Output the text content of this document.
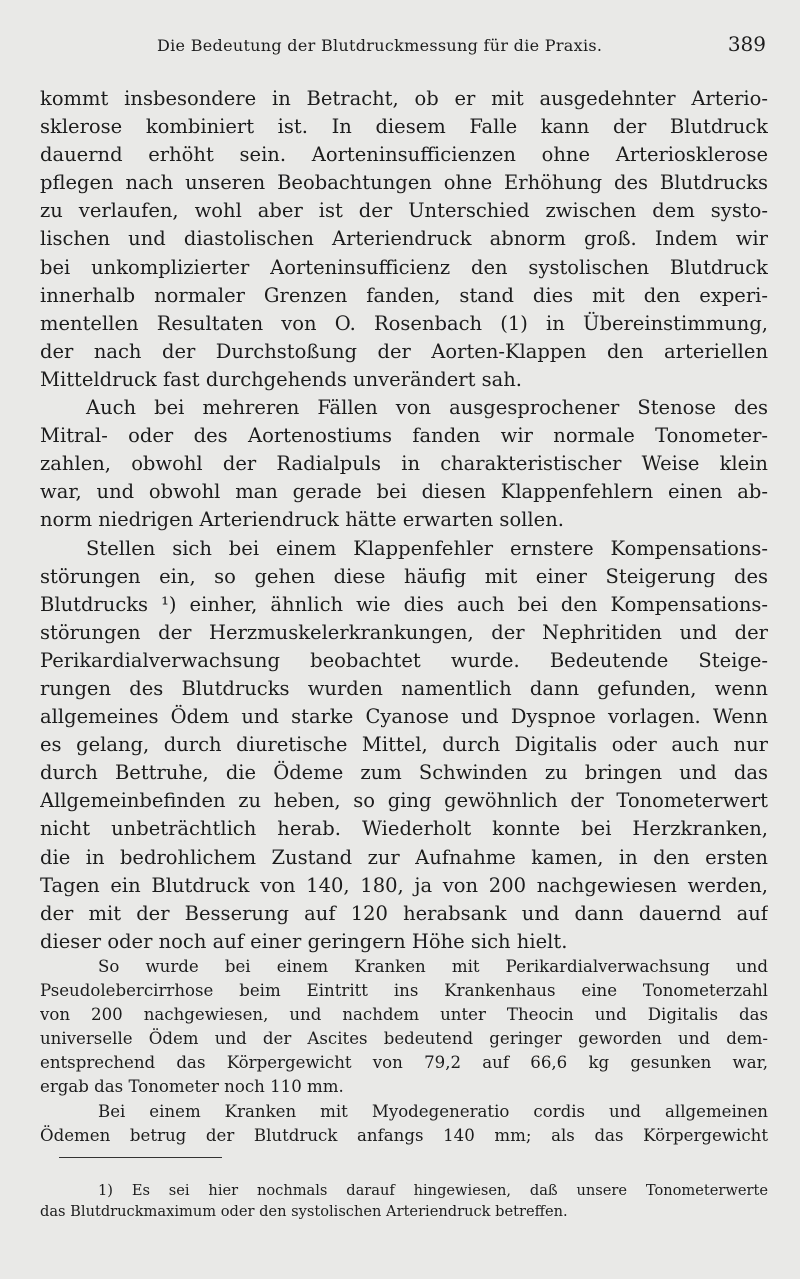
Die Bedeutung der Blutdruckmessung für die Praxis.	389
kommt insbesondere in Betracht, ob er mit ausgedehnter Arterio-
sklerose kombiniert ist. In diesem Falle kann der Blutdruck
dauernd erhöht sein. Aorteninsufficienzen ohne Arteriosklerose
pflegen nach unseren Beobachtungen ohne Erhöhung des Blutdrucks
zu verlaufen, wohl aber ist der Unterschied zwischen dem systo-
lischen und diastolischen Arteriendruck abnorm groß. Indem wir
bei unkomplizierter Aorteninsufficienz den systolischen Blutdruck
innerhalb normaler Grenzen fanden, stand dies mit den experi-
mentellen Resultaten von O. Rosenbach (1) in Übereinstimmung,
der nach der Durchstoßung der Aorten-Klappen den arteriellen
Mitteldruck fast durchgehends unverändert sah.
Auch bei mehreren Fällen von ausgesprochener Stenose des
Mitral- oder des Aortenostiums fanden wir normale Tonometer-
zahlen, obwohl der Radialpuls in charakteristischer Weise klein
war, und obwohl man gerade bei diesen Klappenfehlern einen ab-
norm niedrigen Arteriendruck hätte erwarten sollen.
Stellen sich bei einem Klappenfehler ernstere Kompensations-
störungen ein, so gehen diese häufig mit einer Steigerung des
Blutdrucks ¹) einher, ähnlich wie dies auch bei den Kompensations-
störungen der Herzmuskelerkrankungen, der Nephritiden und der
Perikardialverwachsung beobachtet wurde. Bedeutende Steige-
rungen des Blutdrucks wurden namentlich dann gefunden, wenn
allgemeines Ödem und starke Cyanose und Dyspnoe vorlagen. Wenn
es gelang, durch diuretische Mittel, durch Digitalis oder auch nur
durch Bettruhe, die Ödeme zum Schwinden zu bringen und das
Allgemeinbefinden zu heben, so ging gewöhnlich der Tonometerwert
nicht unbeträchtlich herab. Wiederholt konnte bei Herzkranken,
die in bedrohlichem Zustand zur Aufnahme kamen, in den ersten
Tagen ein Blutdruck von 140, 180, ja von 200 nachgewiesen werden,
der mit der Besserung auf 120 herabsank und dann dauernd auf
dieser oder noch auf einer geringern Höhe sich hielt.
So wurde bei einem Kranken mit Perikardialverwachsung und
Pseudolebercirrhose beim Eintritt ins Krankenhaus eine Tonometerzahl
von 200 nachgewiesen, und nachdem unter Theocin und Digitalis das
universelle Ödem und der Ascites bedeutend geringer geworden und dem-
entsprechend das Körpergewicht von 79,2 auf 66,6 kg gesunken war,
ergab das Tonometer noch 110 mm.
Bei einem Kranken mit Myodegeneratio cordis und allgemeinen
Ödemen betrug der Blutdruck anfangs 140 mm; als das Körpergewicht
1) Es sei hier nochmals darauf hingewiesen, daß unsere Tonometerwerte
das Blutdruckmaximum oder den systolischen Arteriendruck betreffen.
